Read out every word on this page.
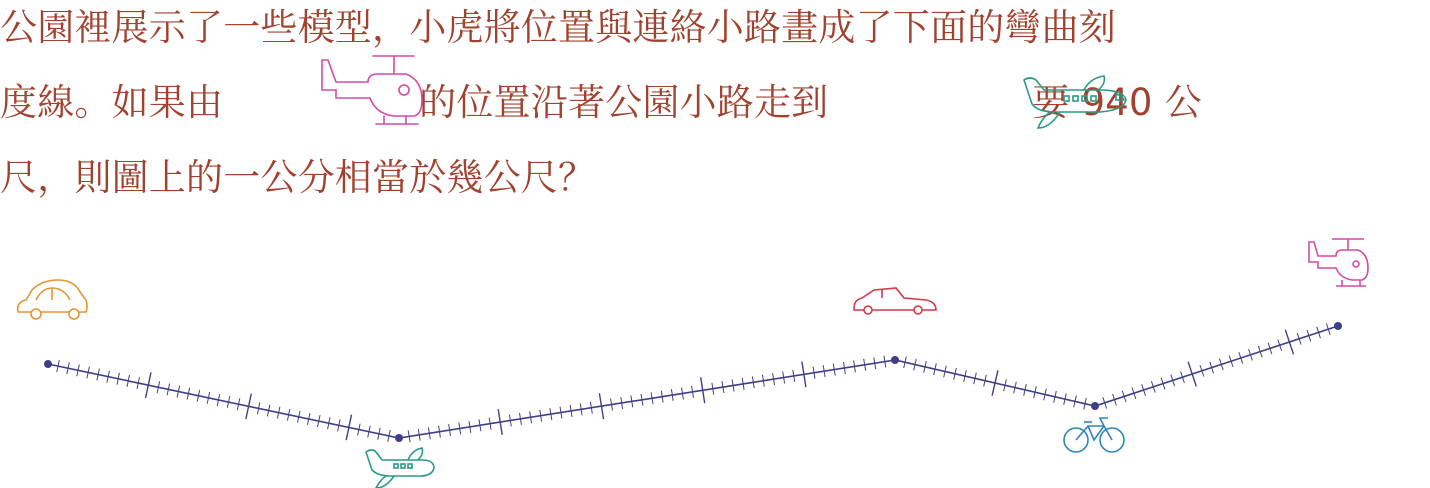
公園裡展示了一些模型，小虎將位置與連絡小路畫成了下面的彎曲刻
度線。如果由	的位置沿著公園小路走到	要 940 公
尺，則圖上的一公分相當於幾公尺？
